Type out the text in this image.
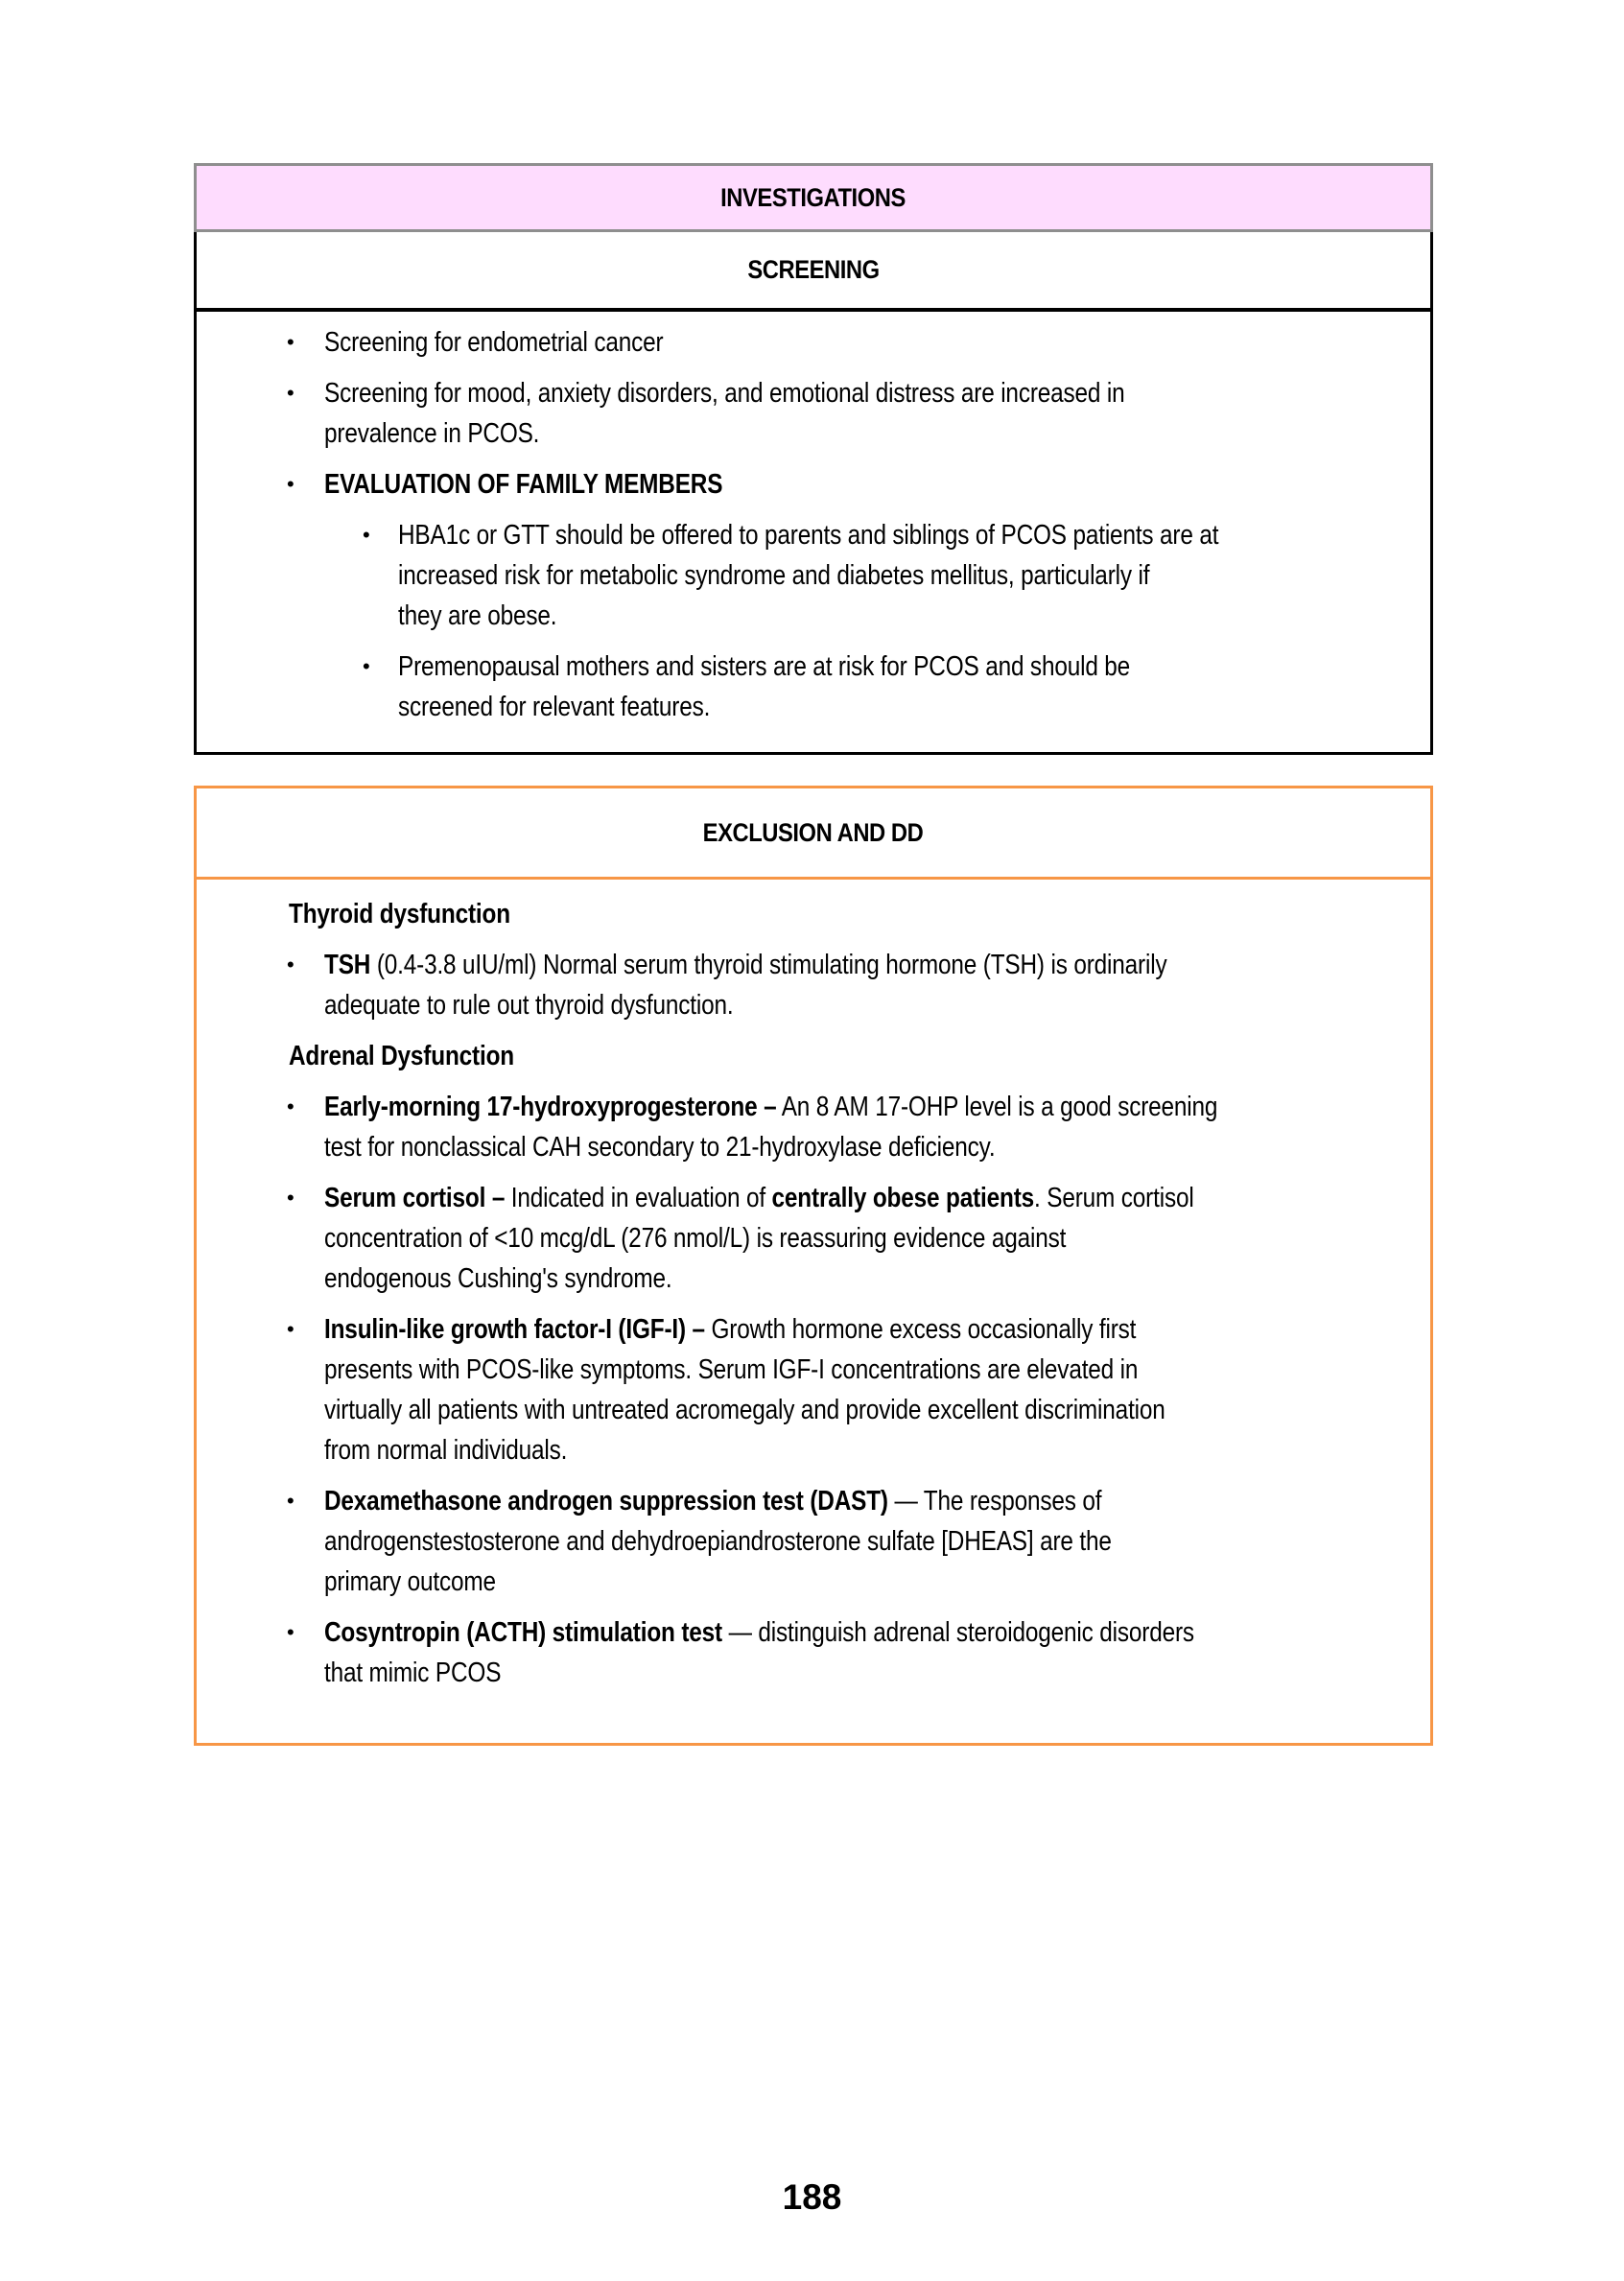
INVESTIGATIONS
SCREENING
• Screening for endometrial cancer
• Screening for mood, anxiety disorders, and emotional distress are increased in
prevalence in PCOS.
• EVALUATION OF FAMILY MEMBERS
• HBA1c or GTT should be offered to parents and siblings of PCOS patients are at
increased risk for metabolic syndrome and diabetes mellitus, particularly if
they are obese.
• Premenopausal mothers and sisters are at risk for PCOS and should be
screened for relevant features.
EXCLUSION AND DD
Thyroid dysfunction
• TSH (0.4-3.8 uIU/ml) Normal serum thyroid stimulating hormone (TSH) is ordinarily
adequate to rule out thyroid dysfunction.
Adrenal Dysfunction
• Early-morning 17-hydroxyprogesterone – An 8 AM 17-OHP level is a good screening
test for nonclassical CAH secondary to 21-hydroxylase deficiency.
• Serum cortisol – Indicated in evaluation of centrally obese patients. Serum cortisol
concentration of <10 mcg/dL (276 nmol/L) is reassuring evidence against
endogenous Cushing's syndrome.
• Insulin-like growth factor-I (IGF-I) – Growth hormone excess occasionally first
presents with PCOS-like symptoms. Serum IGF-I concentrations are elevated in
virtually all patients with untreated acromegaly and provide excellent discrimination
from normal individuals.
• Dexamethasone androgen suppression test (DAST) — The responses of
androgenstestosterone and dehydroepiandrosterone sulfate [DHEAS] are the
primary outcome
• Cosyntropin (ACTH) stimulation test — distinguish adrenal steroidogenic disorders
that mimic PCOS
188
